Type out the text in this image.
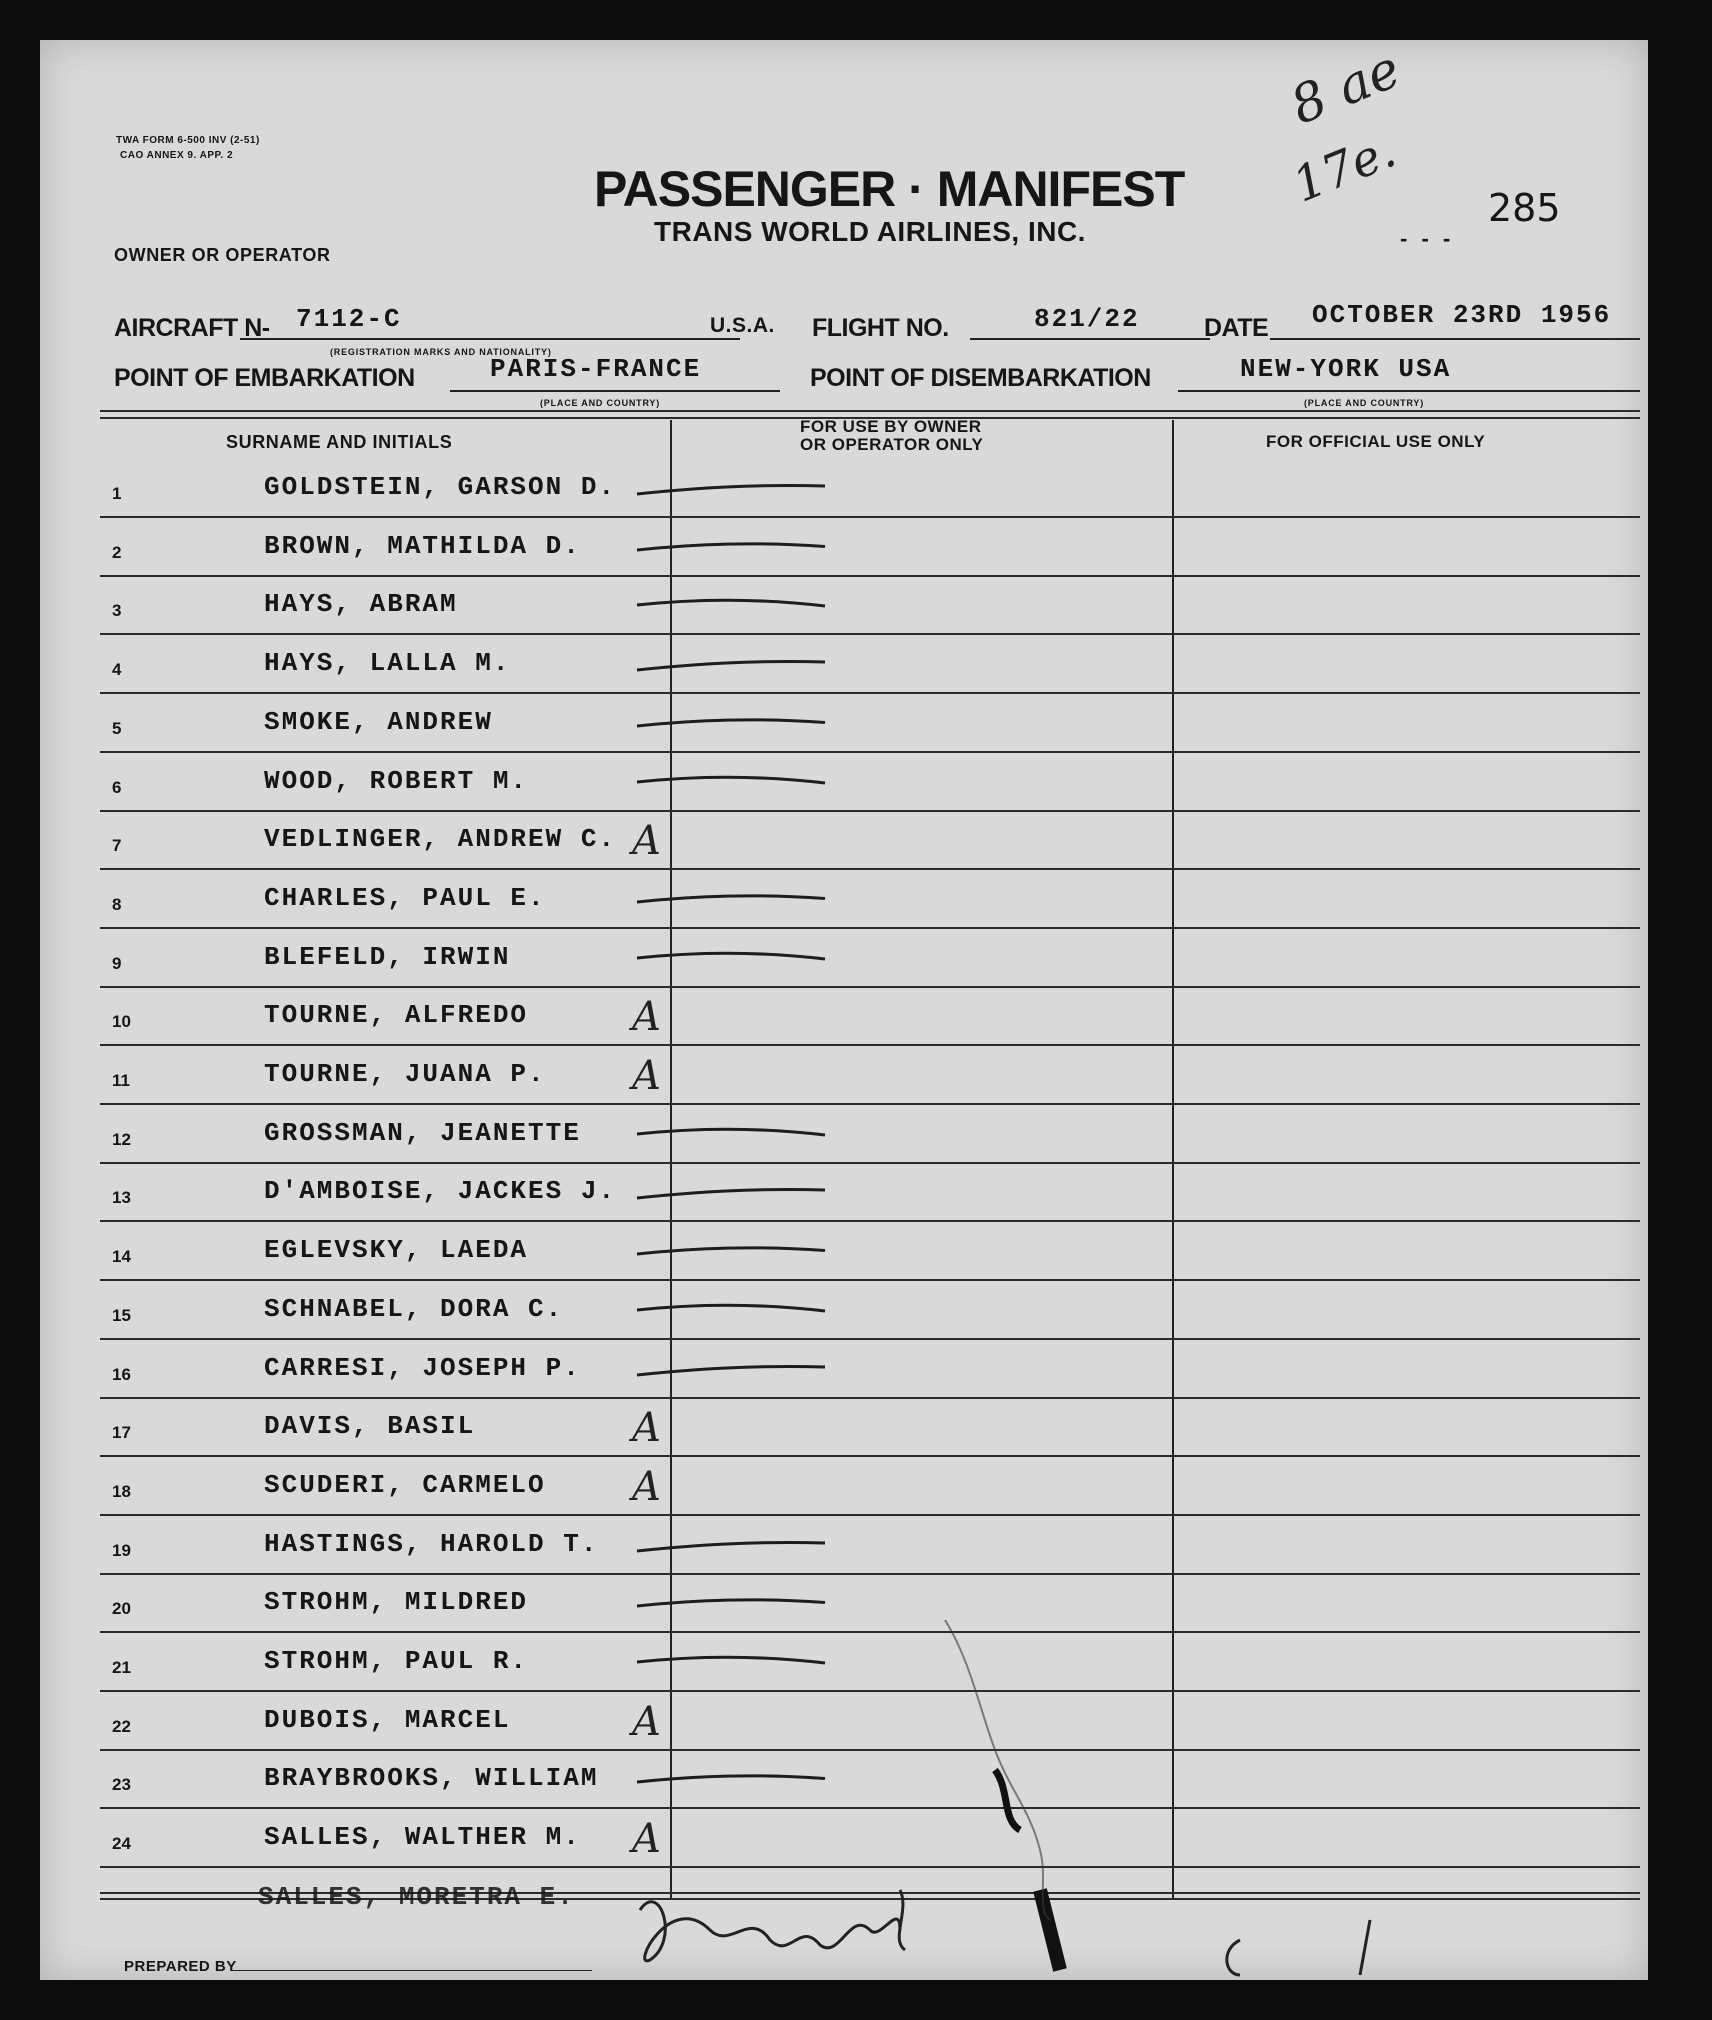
TWA FORM 6-500 INV (2-51)
CAO ANNEX 9. APP. 2
OWNER OR OPERATOR
PASSENGER · MANIFEST
TRANS WORLD AIRLINES, INC.
8 ae
17e.
- - -
285
AIRCRAFT N- 7112-C
(REGISTRATION MARKS AND NATIONALITY)
U.S.A. FLIGHT NO.	821/22	DATE OCTOBER 23RD 1956
POINT OF EMBARKATION	PARIS-FRANCE
(PLACE AND COUNTRY)
POINT OF DISEMBARKATION	NEW-YORK USA
(PLACE AND COUNTRY)
SURNAME AND INITIALS
FOR USE BY OWNER
OR OPERATOR ONLY	FOR OFFICIAL USE ONLY
1	GOLDSTEIN, GARSON D.
2	BROWN, MATHILDA D.
3	HAYS, ABRAM
4	HAYS, LALLA M.
5	SMOKE, ANDREW
6	WOOD, ROBERT M.
7	VEDLINGER, ANDREW C. A
8	CHARLES, PAUL E.
9	BLEFELD, IRWIN
10	TOURNE, ALFREDO	A
11	TOURNE, JUANA P. A
12	GROSSMAN, JEANETTE
13	D'AMBOISE, JACKES J.
14	EGLEVSKY, LAEDA
15	SCHNABEL, DORA C.
16	CARRESI, JOSEPH P.
17	DAVIS, BASIL	A
18	SCUDERI, CARMELO A
19	HASTINGS, HAROLD T.
20	STROHM, MILDRED
21	STROHM, PAUL R.
22	DUBOIS, MARCEL	A
23	BRAYBROOKS, WILLIAM
24	SALLES, WALTHER M. A
SALLES, MORETRA E.
PREPARED BY
